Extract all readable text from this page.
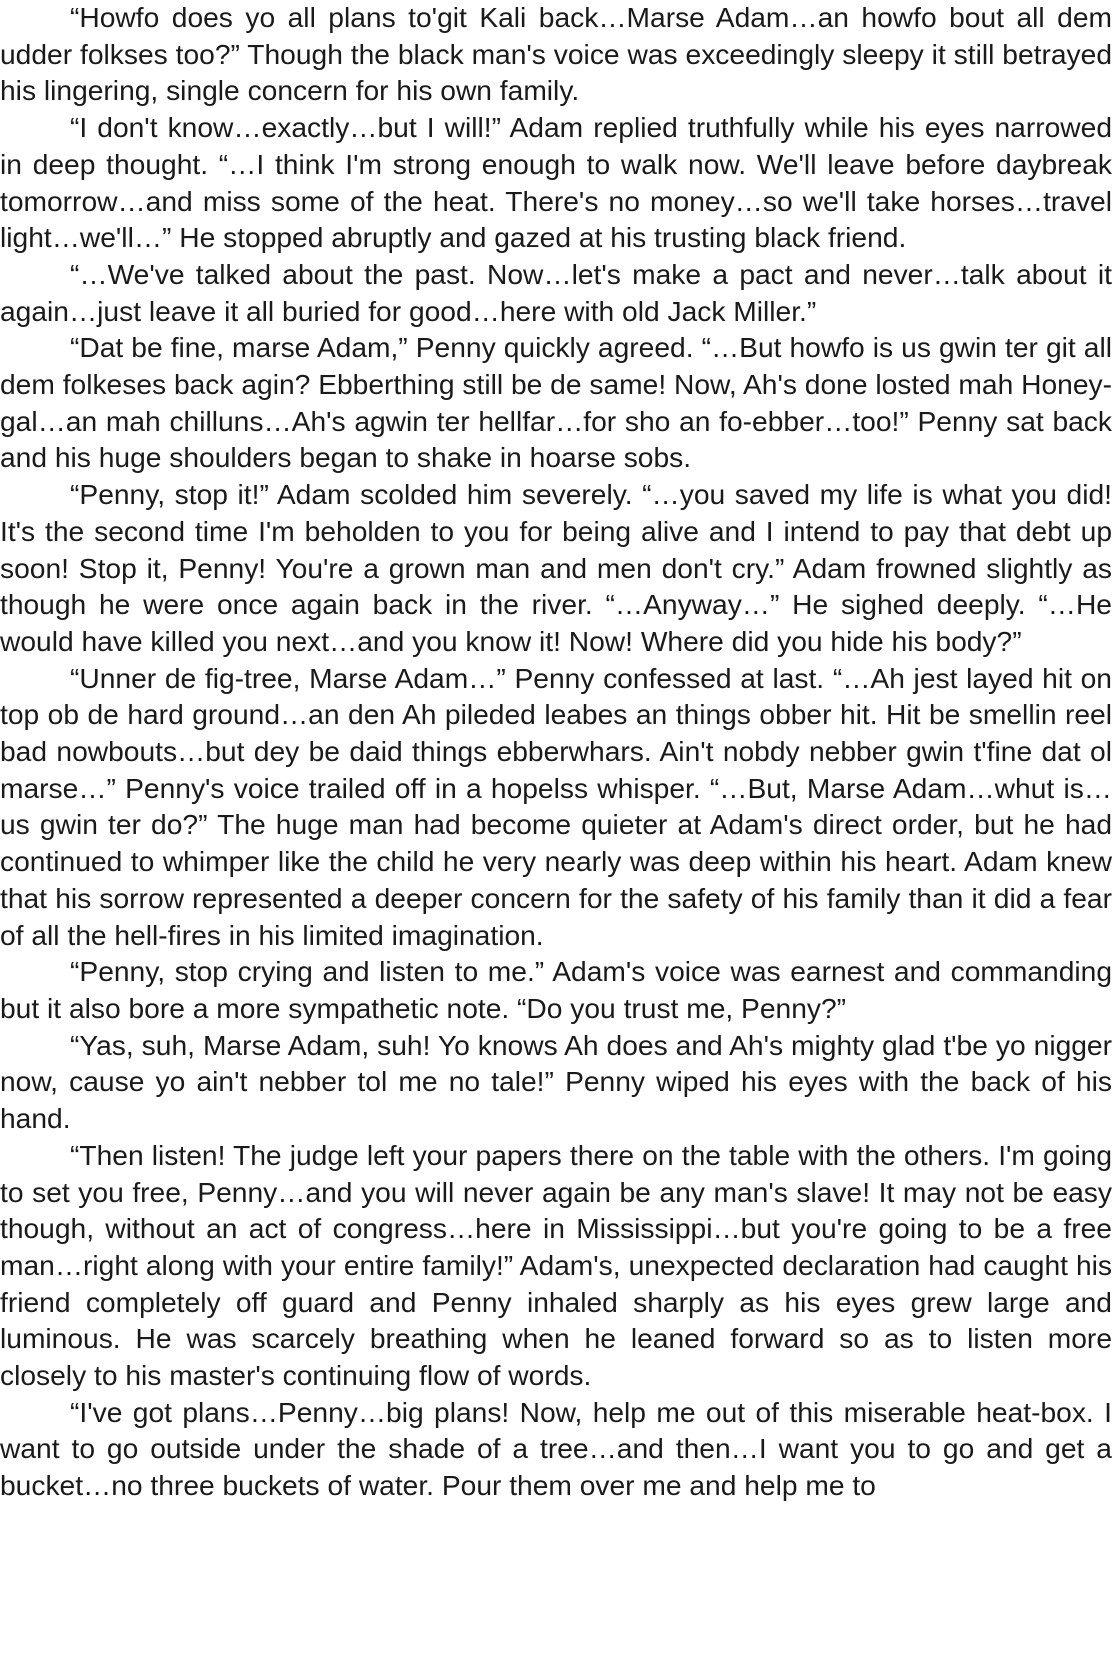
“Howfo does yo all plans to'git Kali back…Marse Adam…an howfo bout all dem udder folkses too?” Though the black man's voice was exceedingly sleepy it still betrayed his lingering, single concern for his own family.

“I don't know…exactly…but I will!” Adam replied truthfully while his eyes narrowed in deep thought. “…I think I'm strong enough to walk now. We'll leave before daybreak tomorrow…and miss some of the heat. There's no money…so we'll take horses…travel light…we'll…” He stopped abruptly and gazed at his trusting black friend.

“…We've talked about the past. Now…let's make a pact and never…talk about it again…just leave it all buried for good…here with old Jack Miller.”

“Dat be fine, marse Adam,” Penny quickly agreed. “…But howfo is us gwin ter git all dem folkeses back agin? Ebberthing still be de same! Now, Ah's done losted mah Honey-gal…an mah chilluns…Ah's agwin ter hellfar…for sho an fo-ebber…too!” Penny sat back and his huge shoulders began to shake in hoarse sobs.

“Penny, stop it!” Adam scolded him severely. “…you saved my life is what you did! It's the second time I'm beholden to you for being alive and I intend to pay that debt up soon! Stop it, Penny! You're a grown man and men don't cry.” Adam frowned slightly as though he were once again back in the river. “…Anyway…” He sighed deeply. “…He would have killed you next…and you know it! Now! Where did you hide his body?”

“Unner de fig-tree, Marse Adam…” Penny confessed at last. “…Ah jest layed hit on top ob de hard ground…an den Ah pileded leabes an things obber hit. Hit be smellin reel bad nowbouts…but dey be daid things ebberwhars. Ain't nobdy nebber gwin t'fine dat ol marse…” Penny's voice trailed off in a hopelss whisper. “…But, Marse Adam…whut is…us gwin ter do?” The huge man had become quieter at Adam's direct order, but he had continued to whimper like the child he very nearly was deep within his heart. Adam knew that his sorrow represented a deeper concern for the safety of his family than it did a fear of all the hell-fires in his limited imagination.

“Penny, stop crying and listen to me.” Adam's voice was earnest and commanding but it also bore a more sympathetic note. “Do you trust me, Penny?”

“Yas, suh, Marse Adam, suh! Yo knows Ah does and Ah's mighty glad t'be yo nigger now, cause yo ain't nebber tol me no tale!” Penny wiped his eyes with the back of his hand.

“Then listen! The judge left your papers there on the table with the others. I'm going to set you free, Penny…and you will never again be any man's slave! It may not be easy though, without an act of congress…here in Mississippi…but you're going to be a free man…right along with your entire family!” Adam's, unexpected declaration had caught his friend completely off guard and Penny inhaled sharply as his eyes grew large and luminous. He was scarcely breathing when he leaned forward so as to listen more closely to his master's continuing flow of words.

“I've got plans…Penny…big plans! Now, help me out of this miserable heat-box. I want to go outside under the shade of a tree…and then…I want you to go and get a bucket…no three buckets of water. Pour them over me and help me to
